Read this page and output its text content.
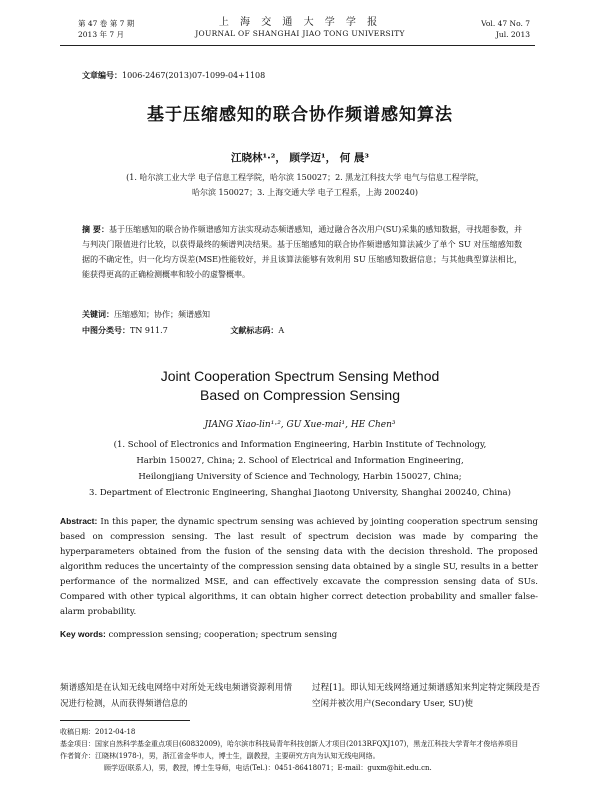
第 47 卷 第 7 期
2013 年 7 月
上 海 交 通 大 学 学 报
JOURNAL OF SHANGHAI JIAO TONG UNIVERSITY
Vol. 47 No. 7
Jul. 2013
文章编号：1006-2467(2013)07-1099-04+1108
基于压缩感知的联合协作频谱感知算法
江晓林¹·²， 顾学迈¹， 何 晨³
(1. 哈尔滨工业大学 电子信息工程学院，哈尔滨 150027；2. 黑龙江科技大学 电气与信息工程学院，
哈尔滨 150027；3. 上海交通大学 电子工程系，上海 200240)
摘 要：基于压缩感知的联合协作频谱感知方法实现动态频谱感知，通过融合各次用户(SU)采集的感知数据，寻找超参数，并与判决门限值进行比较，以获得最终的频谱判决结果。基于压缩感知的联合协作频谱感知算法减少了单个 SU 对压缩感知数据的不确定性，归一化均方误差(MSE)性能较好，并且该算法能够有效利用 SU 压缩感知数据信息；与其他典型算法相比，能获得更高的正确检测概率和较小的虚警概率。
关键词：压缩感知；协作；频谱感知
中图分类号：TN 911.7	文献标志码：A
Joint Cooperation Spectrum Sensing Method
Based on Compression Sensing
JIANG Xiao-lin¹·², GU Xue-mai¹, HE Chen³
(1. School of Electronics and Information Engineering, Harbin Institute of Technology,
Harbin 150027, China; 2. School of Electrical and Information Engineering,
Heilongjiang University of Science and Technology, Harbin 150027, China;
3. Department of Electronic Engineering, Shanghai Jiaotong University, Shanghai 200240, China)
Abstract: In this paper, the dynamic spectrum sensing was achieved by jointing cooperation spectrum sensing based on compression sensing. The last result of spectrum decision was made by comparing the hyperparameters obtained from the fusion of the sensing data with the decision threshold. The proposed algorithm reduces the uncertainty of the compression sensing data obtained by a single SU, results in a better performance of the normalized MSE, and can effectively excavate the compression sensing data of SUs. Compared with other typical algorithms, it can obtain higher correct detection probability and smaller false-alarm probability.
Key words: compression sensing; cooperation; spectrum sensing
频谱感知是在认知无线电网络中对所处无线电频谱资源利用情况进行检测，从而获得频谱信息的
过程[1]。即认知无线网络通过频谱感知来判定特定频段是否空闲并被次用户(Secondary User, SU)使
收稿日期：2012-04-18
基金项目：国家自然科学基金重点项目(60832009)，哈尔滨市科技局青年科技创新人才项目(2013RFQXJ107)，黑龙江科技大学青年才俊培养项目
作者简介：江晓林(1978-)，男，浙江省金华市人，博士生，副教授，主要研究方向为认知无线电网络。
顾学迈(联系人)，男，教授，博士生导师，电话(Tel.)：0451-86418071；E-mail：guxm@hit.edu.cn.
